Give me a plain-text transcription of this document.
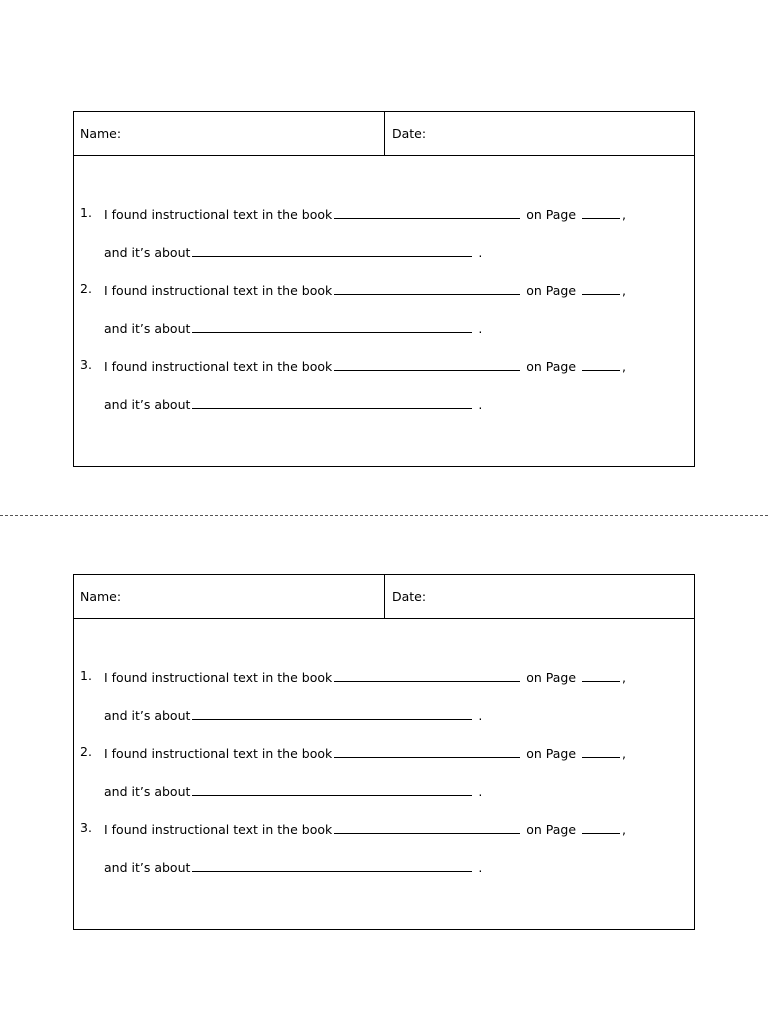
Name:	Date:
1. I found instructional text in the book	on Page	,
and it’s about	.
2. I found instructional text in the book	on Page	,
and it’s about	.
3. I found instructional text in the book	on Page	,
and it’s about	.
Name:	Date:
1. I found instructional text in the book	on Page	,
and it’s about	.
2. I found instructional text in the book	on Page	,
and it’s about	.
3. I found instructional text in the book	on Page	,
and it’s about	.
